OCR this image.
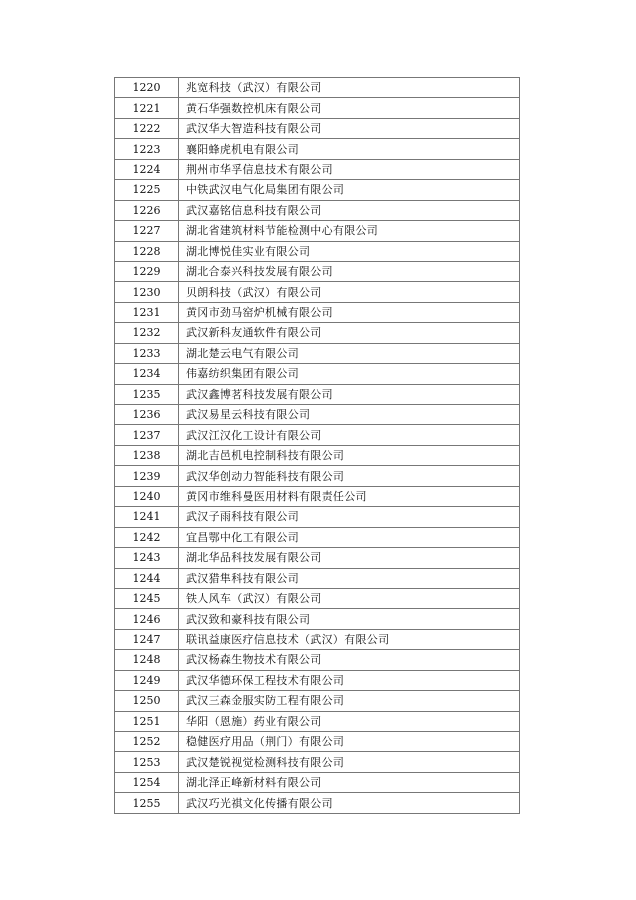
1220	兆宽科技（武汉）有限公司
1221	黄石华强数控机床有限公司
1222	武汉华大智造科技有限公司
1223	襄阳蜂虎机电有限公司
1224	荆州市华孚信息技术有限公司
1225	中铁武汉电气化局集团有限公司
1226	武汉嘉铭信息科技有限公司
1227	湖北省建筑材料节能检测中心有限公司
1228	湖北博悦佳实业有限公司
1229	湖北合泰兴科技发展有限公司
1230	贝朗科技（武汉）有限公司
1231	黄冈市劲马窑炉机械有限公司
1232	武汉新科友通软件有限公司
1233	湖北楚云电气有限公司
1234	伟嘉纺织集团有限公司
1235	武汉鑫博茗科技发展有限公司
1236	武汉易星云科技有限公司
1237	武汉江汉化工设计有限公司
1238	湖北吉邑机电控制科技有限公司
1239	武汉华创动力智能科技有限公司
1240	黄冈市维科曼医用材料有限责任公司
1241	武汉子雨科技有限公司
1242	宜昌鄂中化工有限公司
1243	湖北华品科技发展有限公司
1244	武汉猎隼科技有限公司
1245	铁人风车（武汉）有限公司
1246	武汉致和豪科技有限公司
1247	联讯益康医疗信息技术（武汉）有限公司
1248	武汉杨森生物技术有限公司
1249	武汉华德环保工程技术有限公司
1250	武汉三森金服实防工程有限公司
1251	华阳（恩施）药业有限公司
1252	稳健医疗用品（荆门）有限公司
1253	武汉楚锐视觉检测科技有限公司
1254	湖北泽正峰新材料有限公司
1255	武汉巧光祺文化传播有限公司
